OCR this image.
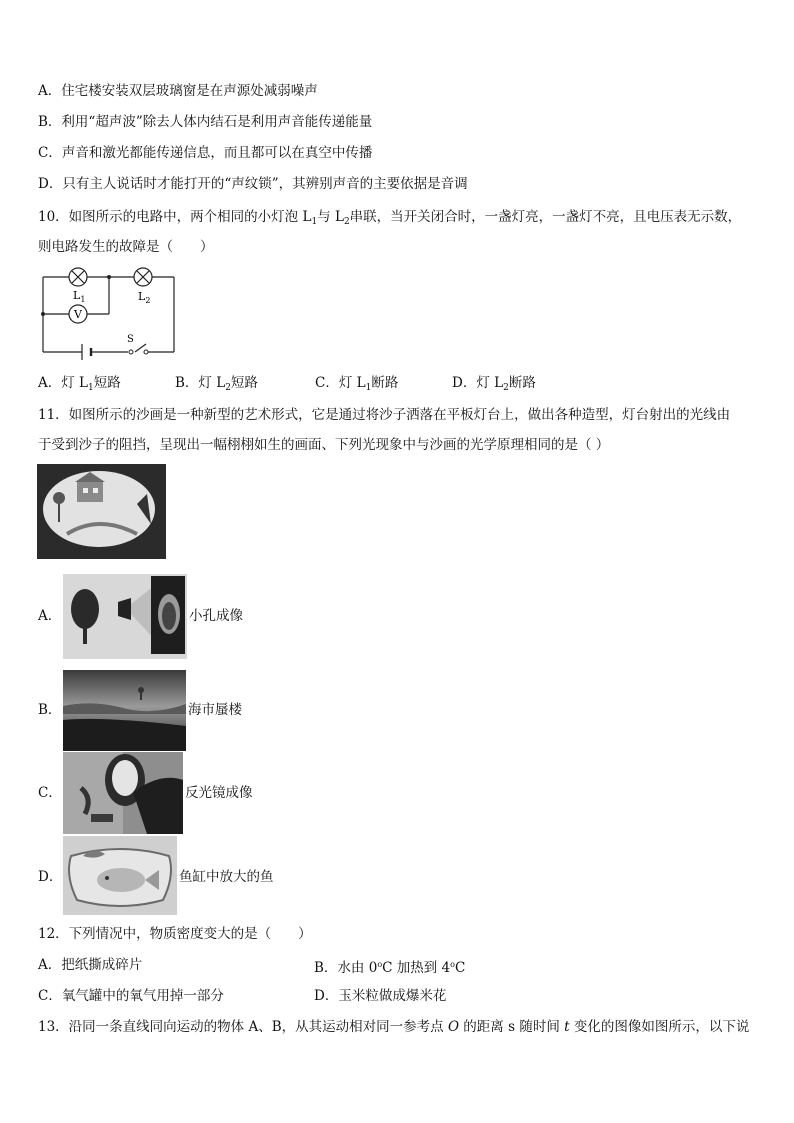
A．住宅楼安装双层玻璃窗是在声源处减弱噪声
B．利用“超声波”除去人体内结石是利用声音能传递能量
C．声音和激光都能传递信息，而且都可以在真空中传播
D．只有主人说话时才能打开的“声纹锁”，其辨别声音的主要依据是音调
10．如图所示的电路中，两个相同的小灯泡 $L_1$与 $L_2$串联，当开关闭合时，一盏灯亮，一盏灯不亮，且电压表无示数，
则电路发生的故障是（　　）
V
$L_1$	$L_2$
S
A．灯 $L_1$短路	B．灯 $L_2$短路	C．灯 $L_1$断路	D．灯 $L_2$断路
11．如图所示的沙画是一种新型的艺术形式，它是通过将沙子洒落在平板灯台上，做出各种造型，灯台射出的光线由
于受到沙子的阻挡，呈现出一幅栩栩如生的画面、下列光现象中与沙画的光学原理相同的是（ ）
A．	小孔成像
B．	海市蜃楼
C．	反光镜成像
D．	鱼缸中放大的鱼
12．下列情况中，物质密度变大的是（　　）
A．把纸撕成碎片	B．水由 0$^o$C 加热到 4$^o$C
C．氧气罐中的氧气用掉一部分	D．玉米粒做成爆米花
13．沿同一条直线同向运动的物体 A、B，从其运动相对同一参考点 O 的距离 s 随时间 t 变化的图像如图所示，以下说
